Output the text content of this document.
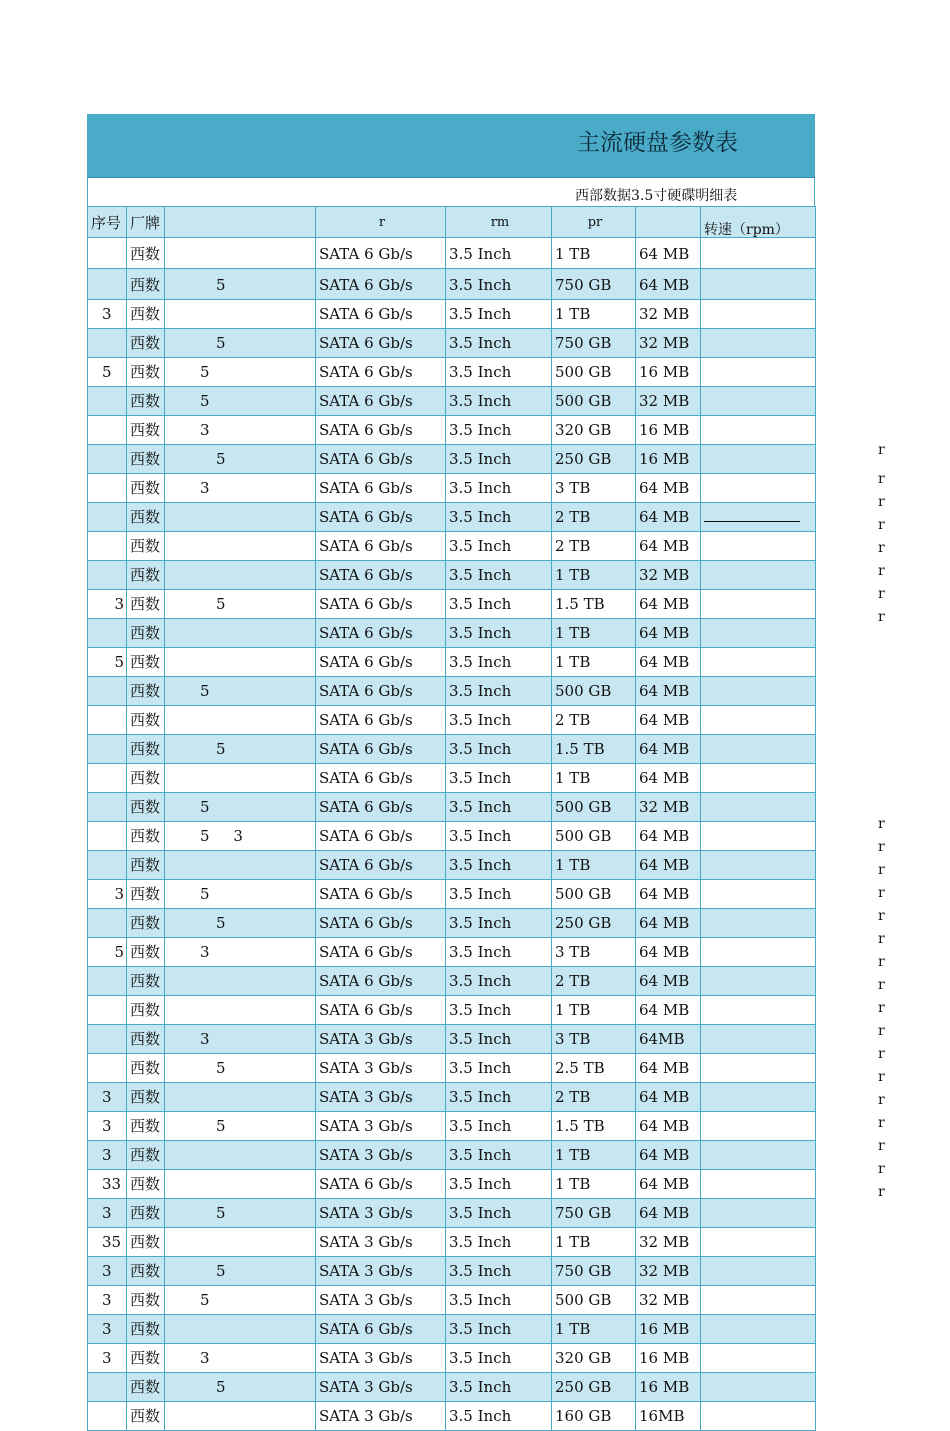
主流硬盘参数表
西部数据3.5寸硬碟明细表
序号	厂牌		r	rm	pr		转速（rpm）
	西数		SATA 6 Gb/s	3.5 Inch	1 TB	64 MB	
	西数	5	SATA 6 Gb/s	3.5 Inch	750 GB	64 MB	
3	西数		SATA 6 Gb/s	3.5 Inch	1 TB	32 MB	
	西数	5	SATA 6 Gb/s	3.5 Inch	750 GB	32 MB	
5	西数	5	SATA 6 Gb/s	3.5 Inch	500 GB	16 MB	
	西数	5	SATA 6 Gb/s	3.5 Inch	500 GB	32 MB	
	西数	3	SATA 6 Gb/s	3.5 Inch	320 GB	16 MB	
	西数	5	SATA 6 Gb/s	3.5 Inch	250 GB	16 MB	
	西数	3	SATA 6 Gb/s	3.5 Inch	3 TB	64 MB	
	西数		SATA 6 Gb/s	3.5 Inch	2 TB	64 MB	
	西数		SATA 6 Gb/s	3.5 Inch	2 TB	64 MB	
	西数		SATA 6 Gb/s	3.5 Inch	1 TB	32 MB	
3	西数	5	SATA 6 Gb/s	3.5 Inch	1.5 TB	64 MB	
	西数		SATA 6 Gb/s	3.5 Inch	1 TB	64 MB	
5	西数		SATA 6 Gb/s	3.5 Inch	1 TB	64 MB	
	西数	5	SATA 6 Gb/s	3.5 Inch	500 GB	64 MB	
	西数		SATA 6 Gb/s	3.5 Inch	2 TB	64 MB	
	西数	5	SATA 6 Gb/s	3.5 Inch	1.5 TB	64 MB	
	西数		SATA 6 Gb/s	3.5 Inch	1 TB	64 MB	
	西数	5	SATA 6 Gb/s	3.5 Inch	500 GB	32 MB	
	西数	5     3	SATA 6 Gb/s	3.5 Inch	500 GB	64 MB	
	西数		SATA 6 Gb/s	3.5 Inch	1 TB	64 MB	
3	西数	5	SATA 6 Gb/s	3.5 Inch	500 GB	64 MB	
	西数	5	SATA 6 Gb/s	3.5 Inch	250 GB	64 MB	
5	西数	3	SATA 6 Gb/s	3.5 Inch	3 TB	64 MB	
	西数		SATA 6 Gb/s	3.5 Inch	2 TB	64 MB	
	西数		SATA 6 Gb/s	3.5 Inch	1 TB	64 MB	
	西数	3	SATA 3 Gb/s	3.5 Inch	3 TB	64MB	
	西数	5	SATA 3 Gb/s	3.5 Inch	2.5 TB	64 MB	
3	西数		SATA 3 Gb/s	3.5 Inch	2 TB	64 MB	
3	西数	5	SATA 3 Gb/s	3.5 Inch	1.5 TB	64 MB	
3	西数		SATA 3 Gb/s	3.5 Inch	1 TB	64 MB	
33	西数		SATA 6 Gb/s	3.5 Inch	1 TB	64 MB	
3	西数	5	SATA 3 Gb/s	3.5 Inch	750 GB	64 MB	
35	西数		SATA 3 Gb/s	3.5 Inch	1 TB	32 MB	
3	西数	5	SATA 3 Gb/s	3.5 Inch	750 GB	32 MB	
3	西数	5	SATA 3 Gb/s	3.5 Inch	500 GB	32 MB	
3	西数		SATA 6 Gb/s	3.5 Inch	1 TB	16 MB	
3	西数	3	SATA 3 Gb/s	3.5 Inch	320 GB	16 MB	
	西数	5	SATA 3 Gb/s	3.5 Inch	250 GB	16 MB	
	西数		SATA 3 Gb/s	3.5 Inch	160 GB	16MB	
r
r
r
r
r
r
r
r
r
r
r
r
r
r
r
r
r
r
r
r
r
r
r
r
r
